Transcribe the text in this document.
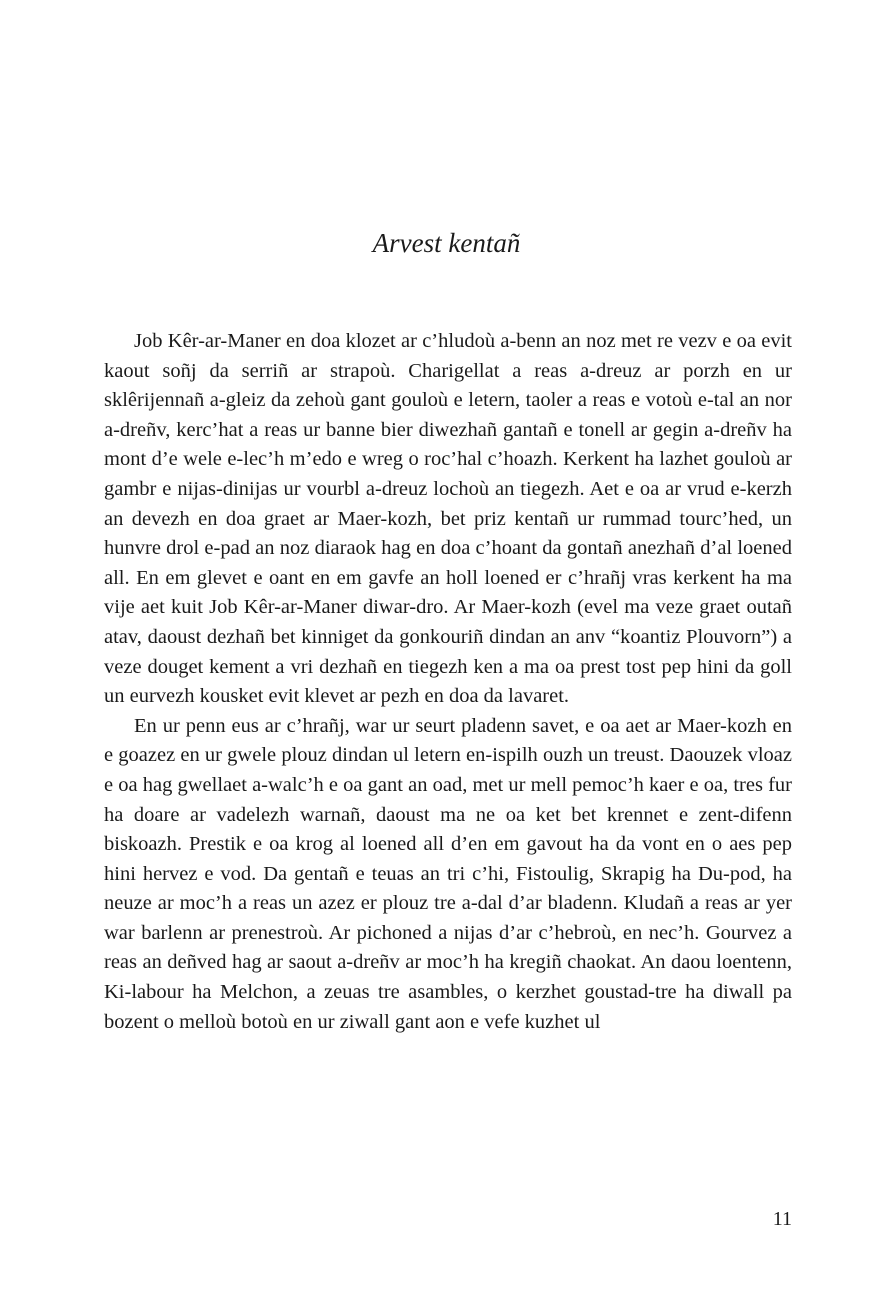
Arvest kentañ

Job Kêr-ar-Maner en doa klozet ar c’hludoù a-benn an noz met re vezv e oa evit kaout soñj da serriñ ar strapoù. Charigellat a reas a-dreuz ar porzh en ur sklêrijennañ a-gleiz da zehoù gant gouloù e letern, taoler a reas e votoù e-tal an nor a-dreñv, kerc’hat a reas ur banne bier diwezhañ gantañ e tonell ar gegin a-dreñv ha mont d’e wele e-lec’h m’edo e wreg o roc’hal c’hoazh. Kerkent ha lazhet gouloù ar gambr e nijas-dinijas ur vourbl a-dreuz lochoù an tiegezh. Aet e oa ar vrud e-kerzh an devezh en doa graet ar Maer-kozh, bet priz kentañ ur rummad tourc’hed, un hunvre drol e-pad an noz diaraok hag en doa c’hoant da gontañ anezhañ d’al loened all. En em glevet e oant en em gavfe an holl loened er c’hrañj vras kerkent ha ma vije aet kuit Job Kêr-ar-Maner diwar-dro. Ar Maer-kozh (evel ma veze graet outañ atav, daoust dezhañ bet kinniget da gonkouriñ dindan an anv “koantiz Plouvorn”) a veze douget kement a vri dezhañ en tiegezh ken a ma oa prest tost pep hini da goll un eurvezh kousket evit klevet ar pezh en doa da lavaret.

En ur penn eus ar c’hrañj, war ur seurt pladenn savet, e oa aet ar Maer-kozh en e goazez en ur gwele plouz dindan ul letern en-ispilh ouzh un treust. Daouzek vloaz e oa hag gwellaet a-walc’h e oa gant an oad, met ur mell pemoc’h kaer e oa, tres fur ha doare ar vadelezh warnañ, daoust ma ne oa ket bet krennet e zent-difenn biskoazh. Prestik e oa krog al loened all d’en em gavout ha da vont en o aes pep hini hervez e vod. Da gentañ e teuas an tri c’hi, Fistoulig, Skrapig ha Du-pod, ha neuze ar moc’h a reas un azez er plouz tre a-dal d’ar bladenn. Kludañ a reas ar yer war barlenn ar prenestroù. Ar pichoned a nijas d’ar c’hebroù, en nec’h. Gourvez a reas an deñved hag ar saout a-dreñv ar moc’h ha kregiñ chaokat. An daou loentenn, Ki-labour ha Melchon, a zeuas tre asambles, o kerzhet goustad-tre ha diwall pa bozent o melloù botoù en ur ziwall gant aon e vefe kuzhet ul

11
